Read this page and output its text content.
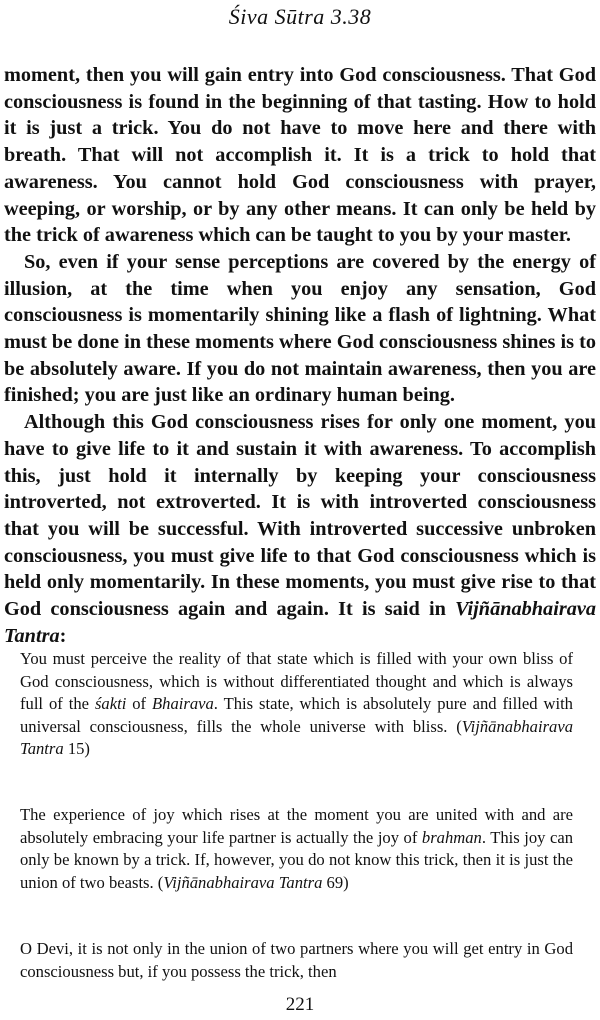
Śiva Sūtra 3.38

moment, then you will gain entry into God consciousness. That God consciousness is found in the beginning of that tasting. How to hold it is just a trick. You do not have to move here and there with breath. That will not accomplish it. It is a trick to hold that awareness. You cannot hold God consciousness with prayer, weeping, or worship, or by any other means. It can only be held by the trick of awareness which can be taught to you by your master.

So, even if your sense perceptions are covered by the energy of illusion, at the time when you enjoy any sensation, God consciousness is momentarily shining like a flash of lightning. What must be done in these moments where God consciousness shines is to be absolutely aware. If you do not maintain awareness, then you are finished; you are just like an ordinary human being.

Although this God consciousness rises for only one moment, you have to give life to it and sustain it with awareness. To accomplish this, just hold it internally by keeping your consciousness introverted, not extroverted. It is with introverted consciousness that you will be successful. With introverted successive unbroken consciousness, you must give life to that God consciousness which is held only momentarily. In these moments, you must give rise to that God consciousness again and again. It is said in Vijñānabhairava Tantra:

You must perceive the reality of that state which is filled with your own bliss of God consciousness, which is without differentiated thought and which is always full of the śakti of Bhairava. This state, which is absolutely pure and filled with universal consciousness, fills the whole universe with bliss. (Vijñānabhairava Tantra 15)

The experience of joy which rises at the moment you are united with and are absolutely embracing your life partner is actually the joy of brahman. This joy can only be known by a trick. If, however, you do not know this trick, then it is just the union of two beasts. (Vijñānabhairava Tantra 69)

O Devi, it is not only in the union of two partners where you will get entry in God consciousness but, if you possess the trick, then

221
